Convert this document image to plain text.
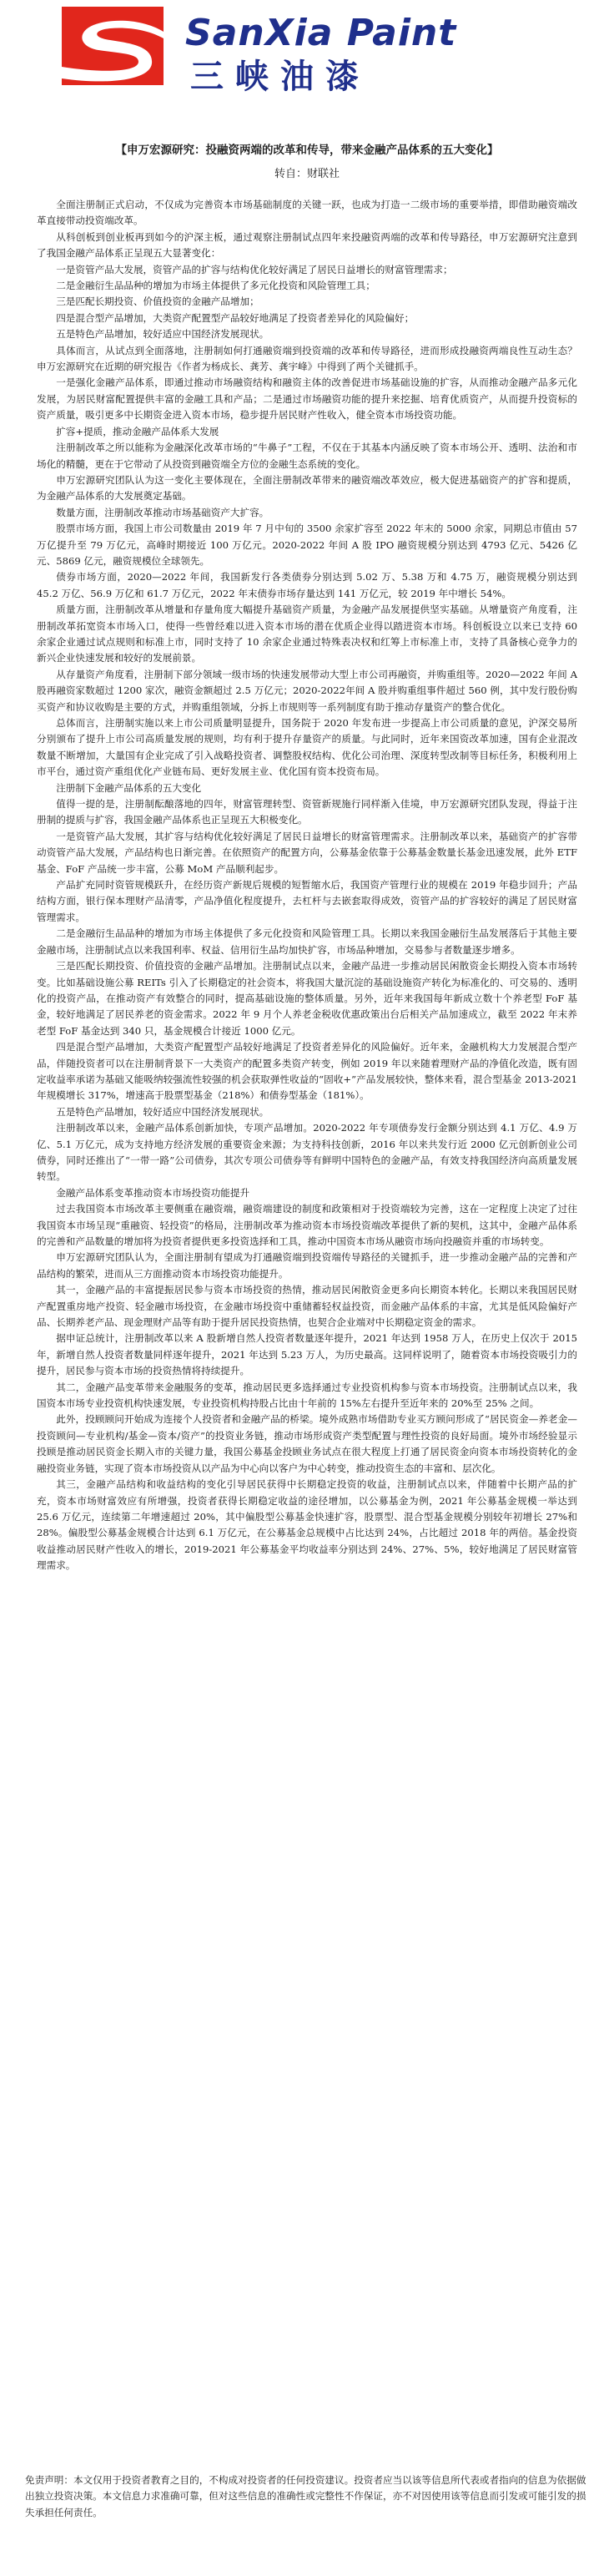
SanXia Paint
三峡油漆
【申万宏源研究：投融资两端的改革和传导，带来金融产品体系的五大变化】
转自：财联社

全面注册制正式启动，不仅成为完善资本市场基础制度的关键一跃，也成为打造一二级市场的重要举措，即借助融资端改革直接带动投资端改革。

从科创板到创业板再到如今的沪深主板，通过观察注册制试点四年来投融资两端的改革和传导路径，申万宏源研究注意到了我国金融产品体系正呈现五大显著变化：

一是资管产品大发展，资管产品的扩容与结构优化较好满足了居民日益增长的财富管理需求；

二是金融衍生品品种的增加为市场主体提供了多元化投资和风险管理工具；

三是匹配长期投资、价值投资的金融产品增加；

四是混合型产品增加，大类资产配置型产品较好地满足了投资者差异化的风险偏好；

五是特色产品增加，较好适应中国经济发展现状。

具体而言，从试点到全面落地，注册制如何打通融资端到投资端的改革和传导路径，进而形成投融资两端良性互动生态？申万宏源研究在近期的研究报告《作者为杨成长、龚芳、龚宇峰》中得到了两个关键抓手。

一是强化金融产品体系，即通过推动市场融资结构和融资主体的改善促进市场基础设施的扩容，从而推动金融产品多元化发展，为居民财富配置提供丰富的金融工具和产品；二是通过市场融资功能的提升来挖掘、培育优质资产，从而提升投资标的资产质量，吸引更多中长期资金进入资本市场，稳步提升居民财产性收入，健全资本市场投资功能。

扩容+提质，推动金融产品体系大发展

注册制改革之所以能称为金融深化改革市场的“牛鼻子”工程，不仅在于其基本内涵反映了资本市场公开、透明、法治和市场化的精髓，更在于它带动了从投资到融资端全方位的金融生态系统的变化。

申万宏源研究团队认为这一变化主要体现在，全面注册制改革带来的融资端改革效应，极大促进基础资产的扩容和提质，为金融产品体系的大发展奠定基础。

数量方面，注册制改革推动市场基础资产大扩容。

股票市场方面，我国上市公司数量由 2019 年 7 月中旬的 3500 余家扩容至 2022 年末的 5000 余家，同期总市值由 57 万亿提升至 79 万亿元，高峰时期接近 100 万亿元。2020-2022 年间 A 股 IPO 融资规模分别达到 4793 亿元、5426 亿元、5869 亿元，融资规模位全球领先。

债券市场方面，2020—2022 年间，我国新发行各类债券分别达到 5.02 万、5.38 万和 4.75 万，融资规模分别达到 45.2 万亿、56.9 万亿和 61.7 万亿元，2022 年末债券市场存量达到 141 万亿元，较 2019 年中增长 54%。

质量方面，注册制改革从增量和存量角度大幅提升基础资产质量，为金融产品发展提供坚实基础。从增量资产角度看，注册制改革拓宽资本市场入口，使得一些曾经难以进入资本市场的潜在优质企业得以踏进资本市场。科创板设立以来已支持 60 余家企业通过试点规则和标准上市，同时支持了 10 余家企业通过特殊表决权和红筹上市标准上市，支持了具备核心竞争力的新兴企业快速发展和较好的发展前景。

从存量资产角度看，注册制下部分领域一级市场的快速发展带动大型上市公司再融资，并购重组等。2020—2022 年间 A 股再融资家数超过 1200 家次，融资金额超过 2.5 万亿元；2020-2022年间 A 股并购重组事件超过 560 例，其中发行股份购买资产和协议收购是主要的方式，并购重组领域，分拆上市规则等一系列制度有助于推动存量资产的整合优化。

总体而言，注册制实施以来上市公司质量明显提升，国务院于 2020 年发布进一步提高上市公司质量的意见，沪深交易所分别颁布了提升上市公司高质量发展的规则，均有利于提升存量资产的质量。与此同时，近年来国资改革加速，国有企业混改数量不断增加，大量国有企业完成了引入战略投资者、调整股权结构、优化公司治理、深度转型改制等目标任务，积极利用上市平台，通过资产重组优化产业链布局、更好发展主业、优化国有资本投资布局。

注册制下金融产品体系的五大变化

值得一提的是，注册制酝酿落地的四年，财富管理转型、资管新规施行同样渐入佳境，申万宏源研究团队发现，得益于注册制的提质与扩容，我国金融产品体系也正呈现五大积极变化。

一是资管产品大发展，其扩容与结构优化较好满足了居民日益增长的财富管理需求。注册制改革以来，基础资产的扩容带动资管产品大发展，产品结构也日渐完善。在依照资产的配置方向，公募基金依靠于公募基金数量长基金迅速发展，此外 ETF 基金、FoF 产品统一步丰富，公募 MoM 产品顺利起步。

产品扩充同时资管规模跃升，在经历资产新规后规模的短暂缩水后，我国资产管理行业的规模在 2019 年稳步回升；产品结构方面，银行保本理财产品清零，产品净值化程度提升，去杠杆与去嵌套取得成效，资管产品的扩容较好的满足了居民财富管理需求。

二是金融衍生品品种的增加为市场主体提供了多元化投资和风险管理工具。长期以来我国金融衍生品发展落后于其他主要金融市场，注册制试点以来我国利率、权益、信用衍生品均加快扩容，市场品种增加，交易参与者数量逐步增多。

三是匹配长期投资、价值投资的金融产品增加。注册制试点以来，金融产品进一步推动居民闲散资金长期投入资本市场转变。比如基础设施公募 REITs 引入了长期稳定的社会资本，将我国大量沉淀的基础设施资产转化为标准化的、可交易的、透明化的投资产品，在推动资产有效整合的同时，提高基础设施的整体质量。另外，近年来我国每年新成立数十个养老型 FoF 基金，较好地满足了居民养老的资金需求。2022 年 9 月个人养老金税收优惠政策出台后相关产品加速成立，截至 2022 年末养老型 FoF 基金达到 340 只，基金规模合计接近 1000 亿元。

四是混合型产品增加，大类资产配置型产品较好地满足了投资者差异化的风险偏好。近年来，金融机构大力发展混合型产品，伴随投资者可以在注册制背景下一大类资产的配置多类资产转变，例如 2019 年以来随着理财产品的净值化改造，既有固定收益率承诺为基础又能吸纳较强流性较强的机会获取弹性收益的“固收+”产品发展较快，整体来看，混合型基金 2013-2021 年规模增长 317%，增速高于股票型基金（218%）和债券型基金（181%）。

五是特色产品增加，较好适应中国经济发展现状。

注册制改革以来，金融产品体系创新加快，专项产品增加。2020-2022 年专项债券发行金额分别达到 4.1 万亿、4.9 万亿、5.1 万亿元，成为支持地方经济发展的重要资金来源；为支持科技创新，2016 年以来共发行近 2000 亿元创新创业公司债券，同时还推出了“一带一路”公司债券，其次专项公司债券等有鲜明中国特色的金融产品，有效支持我国经济向高质量发展转型。

金融产品体系变革推动资本市场投资功能提升

过去我国资本市场改革主要侧重在融资端，融资端建设的制度和政策相对于投资端较为完善，这在一定程度上决定了过往我国资本市场呈现“重融资、轻投资”的格局，注册制改革为推动资本市场投资端改革提供了新的契机，这其中，金融产品体系的完善和产品数量的增加将为投资者提供更多投资选择和工具，推动中国资本市场从融资市场向投融资并重的市场转变。

申万宏源研究团队认为，全面注册制有望成为打通融资端到投资端传导路径的关键抓手，进一步推动金融产品的完善和产品结构的繁荣，进而从三方面推动资本市场投资功能提升。

其一，金融产品的丰富提振居民参与资本市场投资的热情，推动居民闲散资金更多向长期资本转化。长期以来我国居民财产配置重房地产投资、轻金融市场投资，在金融市场投资中重储蓄轻权益投资，而金融产品体系的丰富，尤其是低风险偏好产品、长期养老产品、现金理财产品等有助于提升居民投资热情，也契合企业端对中长期稳定资金的需求。

据申证总统计，注册制改革以来 A 股新增自然人投资者数量逐年提升，2021 年达到 1958 万人，在历史上仅次于 2015 年，新增自然人投资者数量同样逐年提升，2021 年达到 5.23 万人，为历史最高。这同样说明了，随着资本市场投资吸引力的提升，居民参与资本市场的投资热情将持续提升。

其二，金融产品变革带来金融服务的变革，推动居民更多选择通过专业投资机构参与资本市场投资。注册制试点以来，我国资本市场专业投资机构快速发展，专业投资机构持股占比由十年前的 15%左右提升至近年来的 20%至 25% 之间。

此外，投顾顾问开始成为连接个人投资者和金融产品的桥梁。境外成熟市场借助专业买方顾问形成了“居民资金—养老金—投资顾问—专业机构/基金—资本/资产”的投资业务链，推动市场形成资产类型配置与理性投资的良好局面。境外市场经验显示投顾是推动居民资金长期入市的关键力量，我国公募基金投顾业务试点在很大程度上打通了居民资金向资本市场投资转化的金融投资业务链，实现了资本市场投资从以产品为中心向以客户为中心转变，推动投资生态的丰富和、层次化。

其三，金融产品结构和收益结构的变化引导居民获得中长期稳定投资的收益，注册制试点以来，伴随着中长期产品的扩充，资本市场财富效应有所增强，投资者获得长期稳定收益的途径增加，以公募基金为例，2021 年公募基金规模一举达到 25.6 万亿元，连续第二年增速超过 20%，其中偏股型公募基金快速扩容，股票型、混合型基金规模分别较年初增长 27%和 28%。偏股型公募基金规模合计达到 6.1 万亿元，在公募基金总规模中占比达到 24%，占比超过 2018 年的两倍。基金投资收益推动居民财产性收入的增长，2019-2021 年公募基金平均收益率分别达到 24%、27%、5%，较好地满足了居民财富管理需求。

免责声明：本文仅用于投资者教育之目的，不构成对投资者的任何投资建议。投资者应当以该等信息所代表或者指向的信息为依据做出独立投资决策。本文信息力求准确可靠，但对这些信息的准确性或完整性不作保证，亦不对因使用该等信息而引发或可能引发的损失承担任何责任。
